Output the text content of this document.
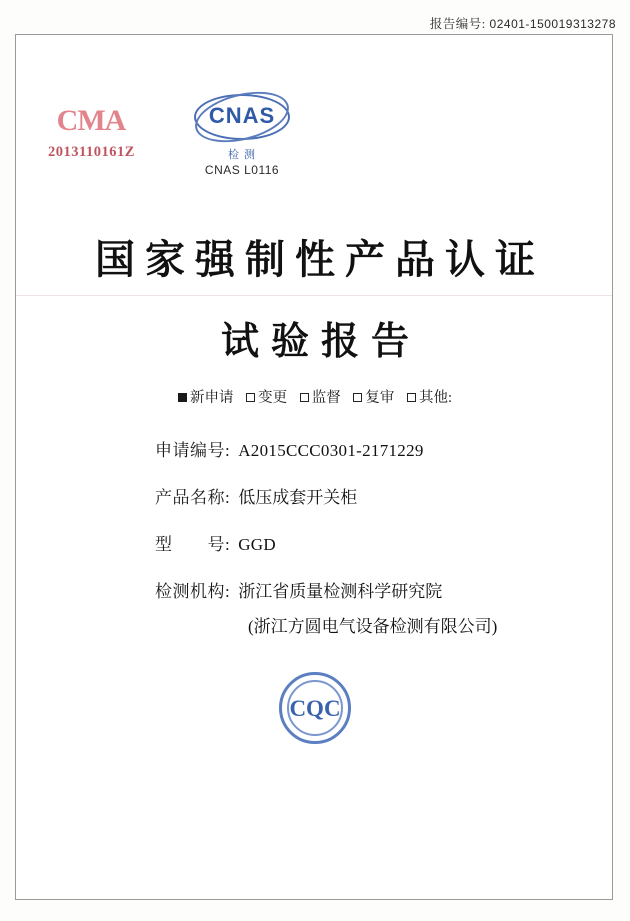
报告编号: 02401-150019313278
CMA
2013110161Z
CNAS
检 测
CNAS L0116
国家强制性产品认证
试验报告
新申请 变更 监督 复审 其他:
申请编号: A2015CCC0301-2171229
产品名称: 低压成套开关柜
型　　号: GGD
检测机构: 浙江省质量检测科学研究院
(浙江方圆电气设备检测有限公司)
CQC
